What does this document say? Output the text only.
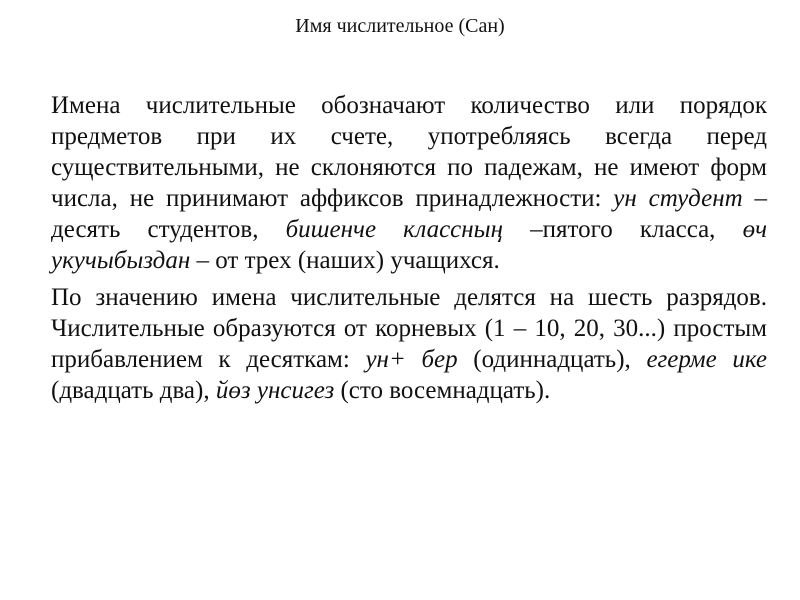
Имя числительное (Сан)

Имена числительные обозначают количество или порядок предметов при их счете, употребляясь всегда перед существительными, не склоняются по падежам, не имеют форм числа, не принимают аффиксов принадлежности: ун студент – десять студентов, бишенче классның –пятого класса, өч укучыбыздан – от трех (наших) учащихся.

По значению имена числительные делятся на шесть разрядов. Числительные образуются от корневых (1 – 10, 20, 30...) простым прибавлением к десяткам: ун+ бер (одиннадцать), егерме ике (двадцать два), йөз унсигез (сто восемнадцать).
